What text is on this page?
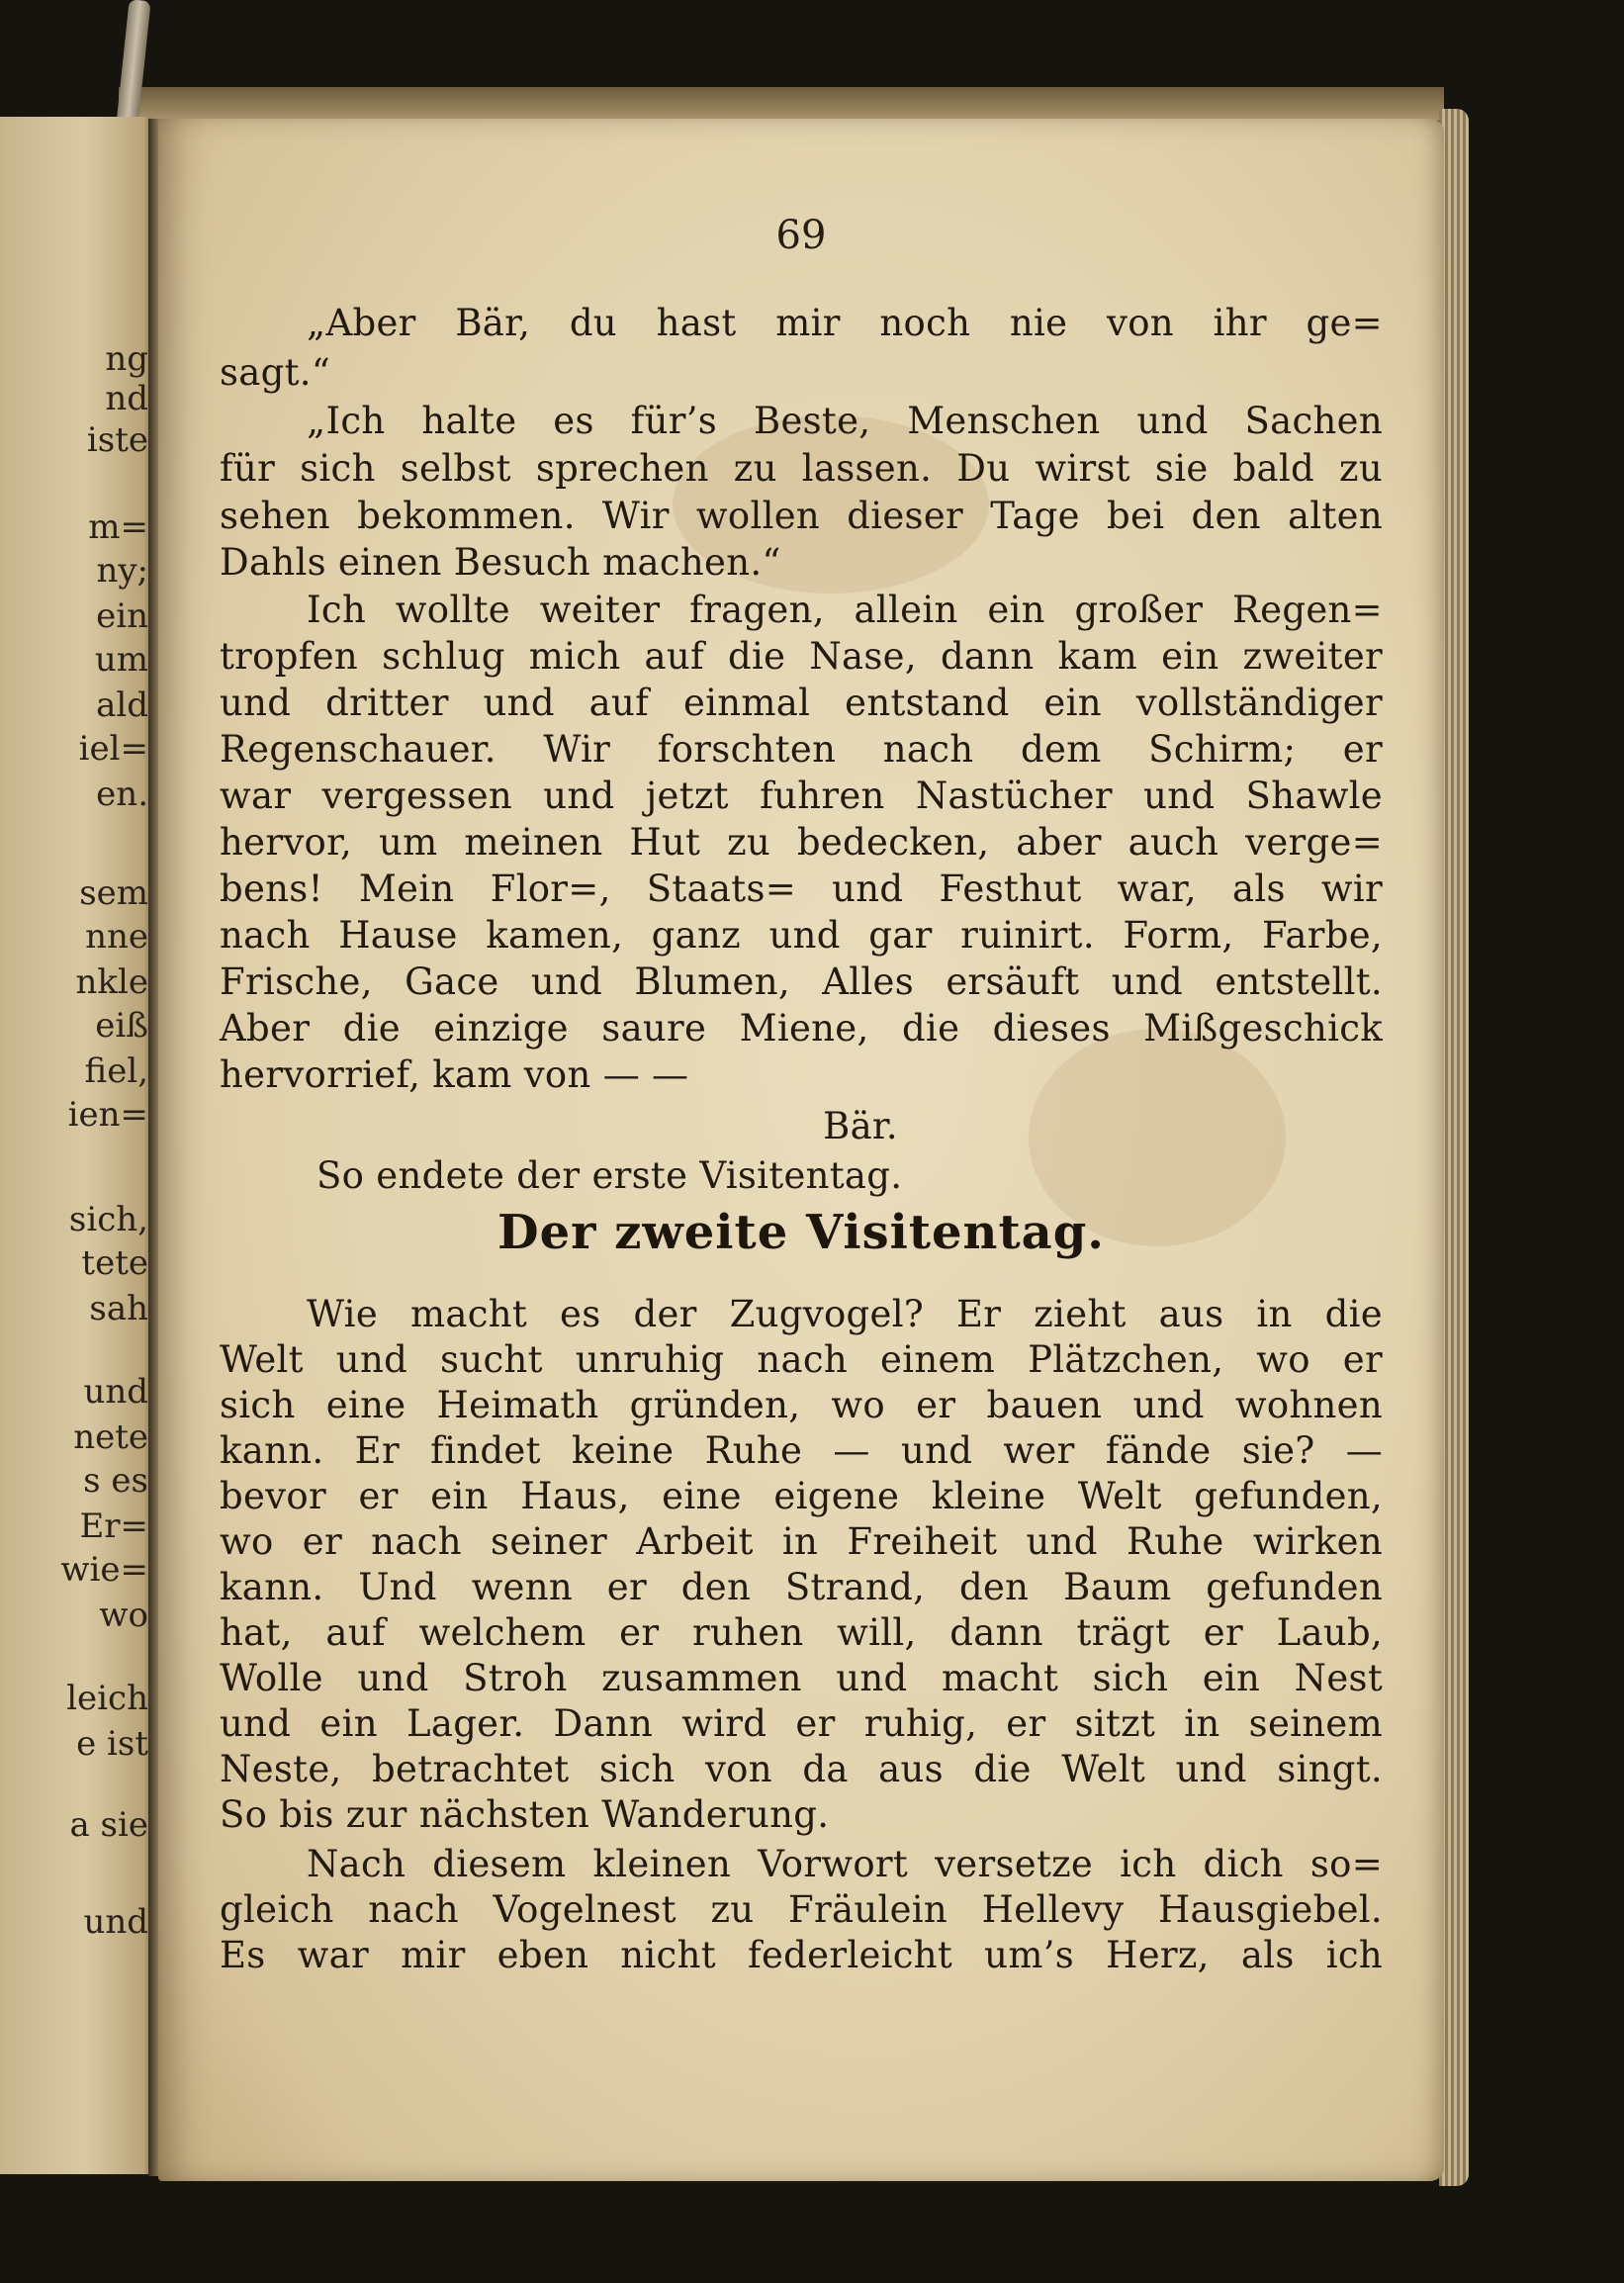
ng
nd
iste
m=
ny;
ein
um
ald
iel=
en.
sem
nne
nkle
eiß
fiel,
ien=
sich,
tete
sah
und
nete
s es
Er=
wie=
wo
leich
e ist
a sie
und
69
„Aber Bär, du hast mir noch nie von ihr ge=
sagt.“
„Ich halte es für’s Beste, Menschen und Sachen
für sich selbst sprechen zu lassen. Du wirst sie bald zu
sehen bekommen. Wir wollen dieser Tage bei den alten
Dahls einen Besuch machen.“
Ich wollte weiter fragen, allein ein großer Regen=
tropfen schlug mich auf die Nase, dann kam ein zweiter
und dritter und auf einmal entstand ein vollständiger
Regenschauer. Wir forschten nach dem Schirm; er
war vergessen und jetzt fuhren Nastücher und Shawle
hervor, um meinen Hut zu bedecken, aber auch verge=
bens! Mein Flor=, Staats= und Festhut war, als wir
nach Hause kamen, ganz und gar ruinirt. Form, Farbe,
Frische, Gace und Blumen, Alles ersäuft und entstellt.
Aber die einzige saure Miene, die dieses Mißgeschick
hervorrief, kam von — —
Bär.
So endete der erste Visitentag.
Der zweite Visitentag.
Wie macht es der Zugvogel? Er zieht aus in die
Welt und sucht unruhig nach einem Plätzchen, wo er
sich eine Heimath gründen, wo er bauen und wohnen
kann. Er findet keine Ruhe — und wer fände sie? —
bevor er ein Haus, eine eigene kleine Welt gefunden,
wo er nach seiner Arbeit in Freiheit und Ruhe wirken
kann. Und wenn er den Strand, den Baum gefunden
hat, auf welchem er ruhen will, dann trägt er Laub,
Wolle und Stroh zusammen und macht sich ein Nest
und ein Lager. Dann wird er ruhig, er sitzt in seinem
Neste, betrachtet sich von da aus die Welt und singt.
So bis zur nächsten Wanderung.
Nach diesem kleinen Vorwort versetze ich dich so=
gleich nach Vogelnest zu Fräulein Hellevy Hausgiebel.
Es war mir eben nicht federleicht um’s Herz, als ich
